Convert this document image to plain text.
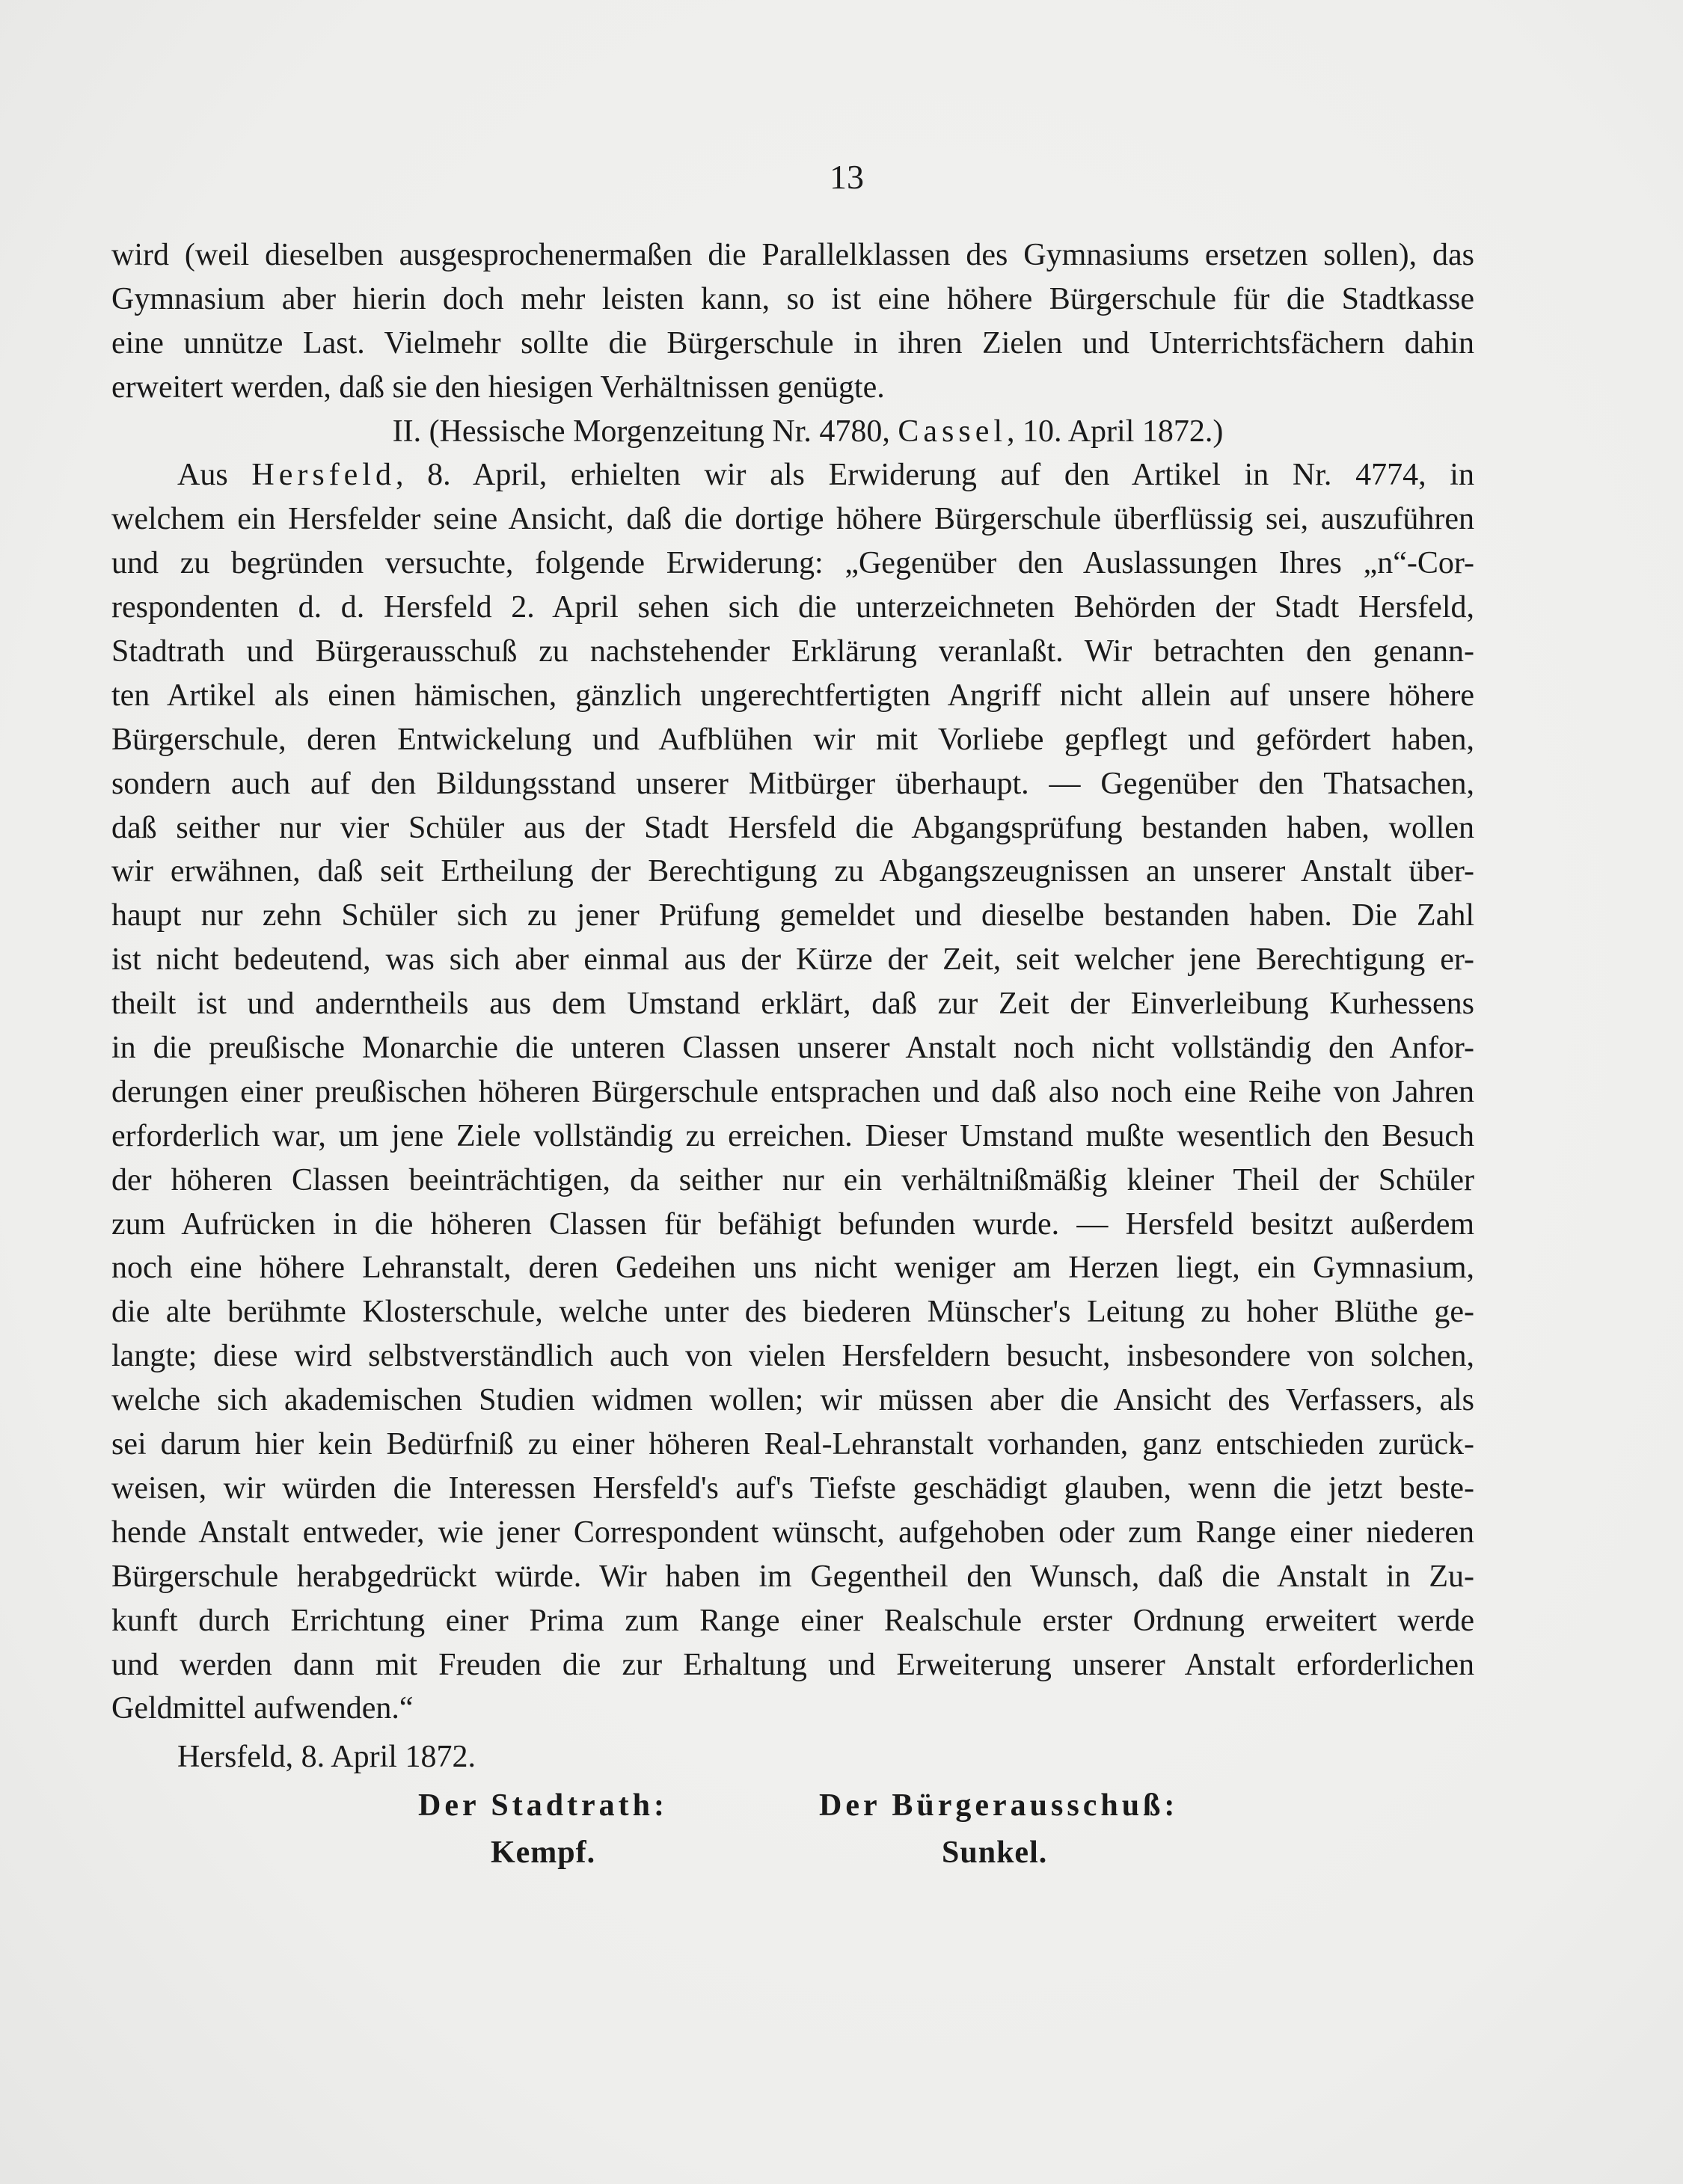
13
wird (weil dieselben ausgesprochenermaßen die Parallelklassen des Gymnasiums ersetzen sollen), das
Gymnasium aber hierin doch mehr leisten kann, so ist eine höhere Bürgerschule für die Stadtkasse
eine unnütze Last. Vielmehr sollte die Bürgerschule in ihren Zielen und Unterrichtsfächern dahin
erweitert werden, daß sie den hiesigen Verhältnissen genügte.
II. (Hessische Morgenzeitung Nr. 4780, Cassel, 10. April 1872.)
Aus Hersfeld, 8. April, erhielten wir als Erwiderung auf den Artikel in Nr. 4774, in
welchem ein Hersfelder seine Ansicht, daß die dortige höhere Bürgerschule überflüssig sei, auszuführen
und zu begründen versuchte, folgende Erwiderung: „Gegenüber den Auslassungen Ihres „n“-Cor-
respondenten d. d. Hersfeld 2. April sehen sich die unterzeichneten Behörden der Stadt Hersfeld,
Stadtrath und Bürgerausschuß zu nachstehender Erklärung veranlaßt. Wir betrachten den genann-
ten Artikel als einen hämischen, gänzlich ungerechtfertigten Angriff nicht allein auf unsere höhere
Bürgerschule, deren Entwickelung und Aufblühen wir mit Vorliebe gepflegt und gefördert haben,
sondern auch auf den Bildungsstand unserer Mitbürger überhaupt. — Gegenüber den Thatsachen,
daß seither nur vier Schüler aus der Stadt Hersfeld die Abgangsprüfung bestanden haben, wollen
wir erwähnen, daß seit Ertheilung der Berechtigung zu Abgangszeugnissen an unserer Anstalt über-
haupt nur zehn Schüler sich zu jener Prüfung gemeldet und dieselbe bestanden haben. Die Zahl
ist nicht bedeutend, was sich aber einmal aus der Kürze der Zeit, seit welcher jene Berechtigung er-
theilt ist und anderntheils aus dem Umstand erklärt, daß zur Zeit der Einverleibung Kurhessens
in die preußische Monarchie die unteren Classen unserer Anstalt noch nicht vollständig den Anfor-
derungen einer preußischen höheren Bürgerschule entsprachen und daß also noch eine Reihe von Jahren
erforderlich war, um jene Ziele vollständig zu erreichen. Dieser Umstand mußte wesentlich den Besuch
der höheren Classen beeinträchtigen, da seither nur ein verhältnißmäßig kleiner Theil der Schüler
zum Aufrücken in die höheren Classen für befähigt befunden wurde. — Hersfeld besitzt außerdem
noch eine höhere Lehranstalt, deren Gedeihen uns nicht weniger am Herzen liegt, ein Gymnasium,
die alte berühmte Klosterschule, welche unter des biederen Münscher's Leitung zu hoher Blüthe ge-
langte; diese wird selbstverständlich auch von vielen Hersfeldern besucht, insbesondere von solchen,
welche sich akademischen Studien widmen wollen; wir müssen aber die Ansicht des Verfassers, als
sei darum hier kein Bedürfniß zu einer höheren Real-Lehranstalt vorhanden, ganz entschieden zurück-
weisen, wir würden die Interessen Hersfeld's auf's Tiefste geschädigt glauben, wenn die jetzt beste-
hende Anstalt entweder, wie jener Correspondent wünscht, aufgehoben oder zum Range einer niederen
Bürgerschule herabgedrückt würde. Wir haben im Gegentheil den Wunsch, daß die Anstalt in Zu-
kunft durch Errichtung einer Prima zum Range einer Realschule erster Ordnung erweitert werde
und werden dann mit Freuden die zur Erhaltung und Erweiterung unserer Anstalt erforderlichen
Geldmittel aufwenden.“
Hersfeld, 8. April 1872.
Der Stadtrath:	Der Bürgerausschuß:
Kempf.	Sunkel.
